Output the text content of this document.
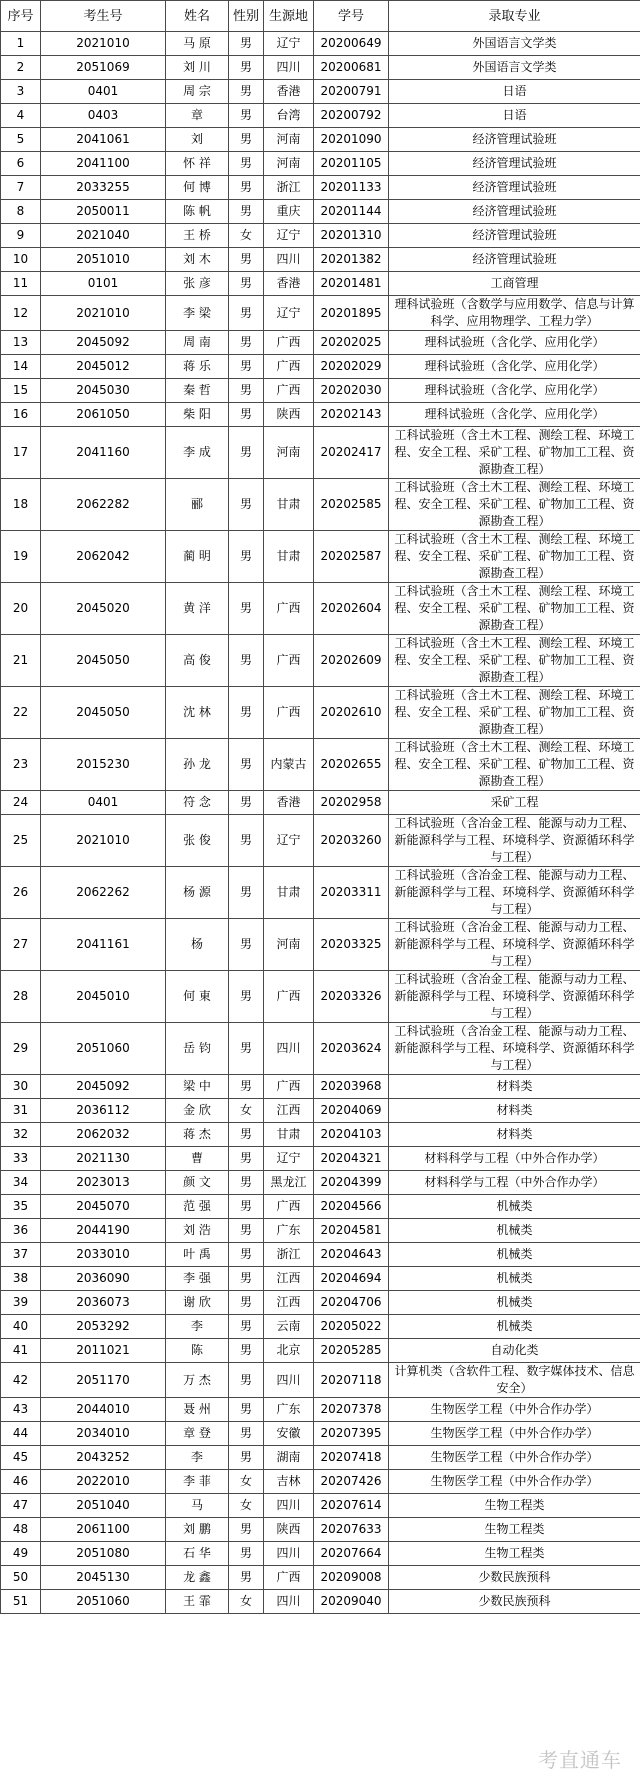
序号	考生号	姓名	性别	生源地	学号	录取专业
1	2021010	马 原	男	辽宁	20200649	外国语言文学类
2	2051069	刘 川	男	四川	20200681	外国语言文学类
3	0401	周 宗	男	香港	20200791	日语
4	0403	章	男	台湾	20200792	日语
5	2041061	刘	男	河南	20201090	经济管理试验班
6	2041100	怀 祥	男	河南	20201105	经济管理试验班
7	2033255	何 博	男	浙江	20201133	经济管理试验班
8	2050011	陈 帆	男	重庆	20201144	经济管理试验班
9	2021040	王 桥	女	辽宁	20201310	经济管理试验班
10	2051010	刘 木	男	四川	20201382	经济管理试验班
11	0101	张 彦	男	香港	20201481	工商管理
12	2021010	李 梁	男	辽宁	20201895	理科试验班（含数学与应用数学、信息与计算科学、应用物理学、工程力学）
13	2045092	周 南	男	广西	20202025	理科试验班（含化学、应用化学）
14	2045012	蒋 乐	男	广西	20202029	理科试验班（含化学、应用化学）
15	2045030	秦 哲	男	广西	20202030	理科试验班（含化学、应用化学）
16	2061050	柴 阳	男	陕西	20202143	理科试验班（含化学、应用化学）
17	2041160	李 成	男	河南	20202417	工科试验班（含土木工程、测绘工程、环境工程、安全工程、采矿工程、矿物加工工程、资源勘查工程）
18	2062282	郦	男	甘肃	20202585	工科试验班（含土木工程、测绘工程、环境工程、安全工程、采矿工程、矿物加工工程、资源勘查工程）
19	2062042	蔺 明	男	甘肃	20202587	工科试验班（含土木工程、测绘工程、环境工程、安全工程、采矿工程、矿物加工工程、资源勘查工程）
20	2045020	黄 洋	男	广西	20202604	工科试验班（含土木工程、测绘工程、环境工程、安全工程、采矿工程、矿物加工工程、资源勘查工程）
21	2045050	高 俊	男	广西	20202609	工科试验班（含土木工程、测绘工程、环境工程、安全工程、采矿工程、矿物加工工程、资源勘查工程）
22	2045050	沈 林	男	广西	20202610	工科试验班（含土木工程、测绘工程、环境工程、安全工程、采矿工程、矿物加工工程、资源勘查工程）
23	2015230	孙 龙	男	内蒙古	20202655	工科试验班（含土木工程、测绘工程、环境工程、安全工程、采矿工程、矿物加工工程、资源勘查工程）
24	0401	符 念	男	香港	20202958	采矿工程
25	2021010	张 俊	男	辽宁	20203260	工科试验班（含冶金工程、能源与动力工程、新能源科学与工程、环境科学、资源循环科学与工程）
26	2062262	杨 源	男	甘肃	20203311	工科试验班（含冶金工程、能源与动力工程、新能源科学与工程、环境科学、资源循环科学与工程）
27	2041161	杨	男	河南	20203325	工科试验班（含冶金工程、能源与动力工程、新能源科学与工程、环境科学、资源循环科学与工程）
28	2045010	何 東	男	广西	20203326	工科试验班（含冶金工程、能源与动力工程、新能源科学与工程、环境科学、资源循环科学与工程）
29	2051060	岳 钧	男	四川	20203624	工科试验班（含冶金工程、能源与动力工程、新能源科学与工程、环境科学、资源循环科学与工程）
30	2045092	梁 中	男	广西	20203968	材料类
31	2036112	金 欣	女	江西	20204069	材料类
32	2062032	蒋 杰	男	甘肃	20204103	材料类
33	2021130	曹	男	辽宁	20204321	材料科学与工程（中外合作办学）
34	2023013	颜 文	男	黑龙江	20204399	材料科学与工程（中外合作办学）
35	2045070	范 强	男	广西	20204566	机械类
36	2044190	刘 浩	男	广东	20204581	机械类
37	2033010	叶 禹	男	浙江	20204643	机械类
38	2036090	李 强	男	江西	20204694	机械类
39	2036073	谢 欣	男	江西	20204706	机械类
40	2053292	李	男	云南	20205022	机械类
41	2011021	陈	男	北京	20205285	自动化类
42	2051170	万 杰	男	四川	20207118	计算机类（含软件工程、数字媒体技术、信息安全）
43	2044010	聂 州	男	广东	20207378	生物医学工程（中外合作办学）
44	2034010	章 登	男	安徽	20207395	生物医学工程（中外合作办学）
45	2043252	李	男	湖南	20207418	生物医学工程（中外合作办学）
46	2022010	李 菲	女	吉林	20207426	生物医学工程（中外合作办学）
47	2051040	马	女	四川	20207614	生物工程类
48	2061100	刘 鹏	男	陕西	20207633	生物工程类
49	2051080	石 华	男	四川	20207664	生物工程类
50	2045130	龙 鑫	男	广西	20209008	少数民族预科
51	2051060	王 霏	女	四川	20209040	少数民族预科
考直通车
